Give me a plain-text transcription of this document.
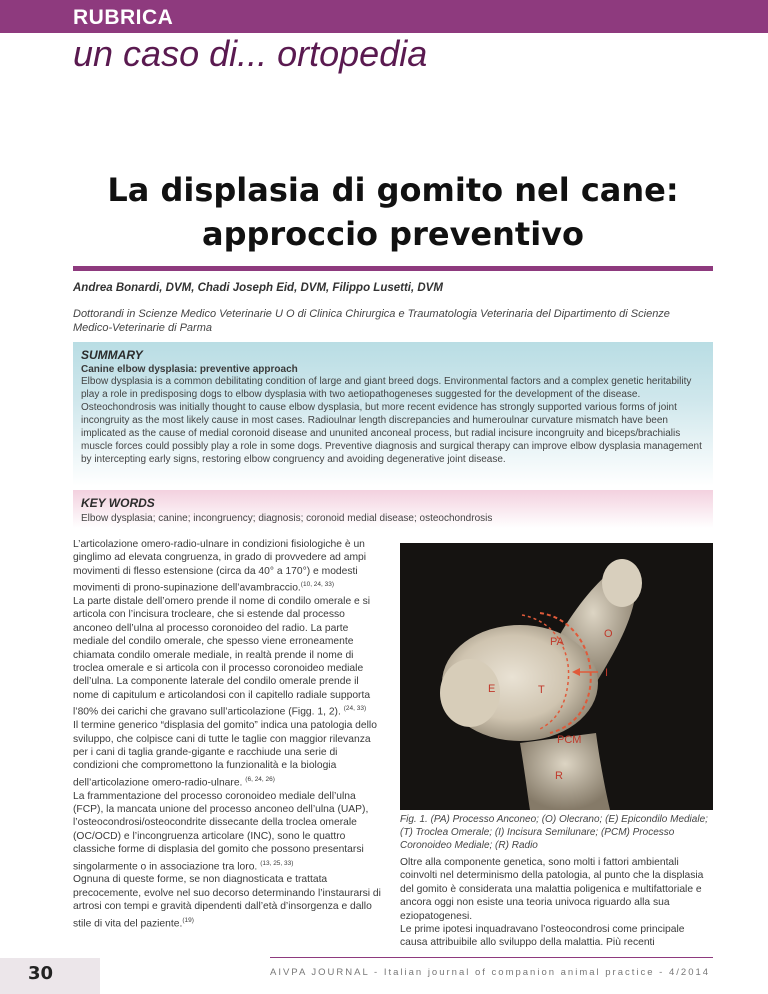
RUBRICA
un caso di... ortopedia
La displasia di gomito nel cane:
approccio preventivo
Andrea Bonardi, DVM, Chadi Joseph Eid, DVM, Filippo Lusetti, DVM
Dottorandi in Scienze Medico Veterinarie U O di Clinica Chirurgica e Traumatologia Veterinaria del Dipartimento di Scienze Medico-Veterinarie di Parma
SUMMARY
Canine elbow dysplasia: preventive approach
Elbow dysplasia is a common debilitating condition of large and giant breed dogs. Environmental factors and a complex genetic heritability play a role in predisposing dogs to elbow dysplasia with two aetiopathogeneses suggested for the development of the disease. Osteochondrosis was initially thought to cause elbow dysplasia, but more recent evidence has strongly supported various forms of joint incongruity as the most likely cause in most cases. Radioulnar length discrepancies and humeroulnar curvature mismatch have been implicated as the cause of medial coronoid disease and ununited anconeal process, but radial incisure incongruity and biceps/brachialis muscle forces could possibly play a role in some dogs. Preventive diagnosis and surgical therapy can improve elbow dysplasia management by intercepting early signs, restoring elbow congruency and avoiding degenerative joint disease.
KEY WORDS
Elbow dysplasia; canine; incongruency; diagnosis; coronoid medial disease; osteochondrosis

L’articolazione omero-radio-ulnare in condizioni fisiologiche è un ginglimo ad elevata congruenza, in grado di provvedere ad ampi movimenti di flesso estensione (circa da 40° a 170°) e modesti movimenti di prono-supinazione dell’avambraccio.$^{(10, 24, 33)}$

La parte distale dell’omero prende il nome di condilo omerale e si articola con l’incisura trocleare, che si estende dal processo anconeo dell’ulna al processo coronoideo del radio. La parte mediale del condilo omerale, che spesso viene erroneamente chiamata condilo omerale mediale, in realtà prende il nome di troclea omerale e si articola con il processo coronoideo mediale dell’ulna. La componente laterale del condilo omerale prende il nome di capitulum e articolandosi con il capitello radiale supporta l’80% dei carichi che gravano sull’articolazione (Figg. 1, 2). $^{(24, 33)}$

Il termine generico “displasia del gomito” indica una patologia dello sviluppo, che colpisce cani di tutte le taglie con maggior rilevanza per i cani di taglia grande-gigante e racchiude una serie di condizioni che compromettono la funzionalità e la biologia dell’articolazione omero-radio-ulnare. $^{(6, 24, 26)}$

La frammentazione del processo coronoideo mediale dell’ulna (FCP), la mancata unione del processo anconeo dell’ulna (UAP), l’osteocondrosi/osteocondrite dissecante della troclea omerale (OC/OCD) e l’incongruenza articolare (INC), sono le quattro classiche forme di displasia del gomito che possono presentarsi singolarmente o in associazione tra loro. $^{(13, 25, 33)}$

Ognuna di queste forme, se non diagnosticata e trattata precocemente, evolve nel suo decorso determinando l’instaurarsi di artrosi con tempi e gravità dipendenti dall’età d’insorgenza e dallo stile di vita del paziente.$^{(19)}$

O
PA
E	T
I
PCM
R
Fig. 1. (PA) Processo Anconeo; (O) Olecrano; (E) Epicondilo Mediale; (T) Troclea Omerale; (I) Incisura Semilunare; (PCM) Processo Coronoideo Mediale; (R) Radio

Oltre alla componente genetica, sono molti i fattori ambientali coinvolti nel determinismo della patologia, al punto che la displasia del gomito è considerata una malattia poligenica e multifattoriale e ancora oggi non esiste una teoria univoca riguardo alla sua eziopatogenesi.

Le prime ipotesi inquadravano l’osteocondrosi come principale causa attribuibile allo sviluppo della malattia. Più recenti

30	AIVPA JOURNAL - Italian journal of companion animal practice - 4/2014
